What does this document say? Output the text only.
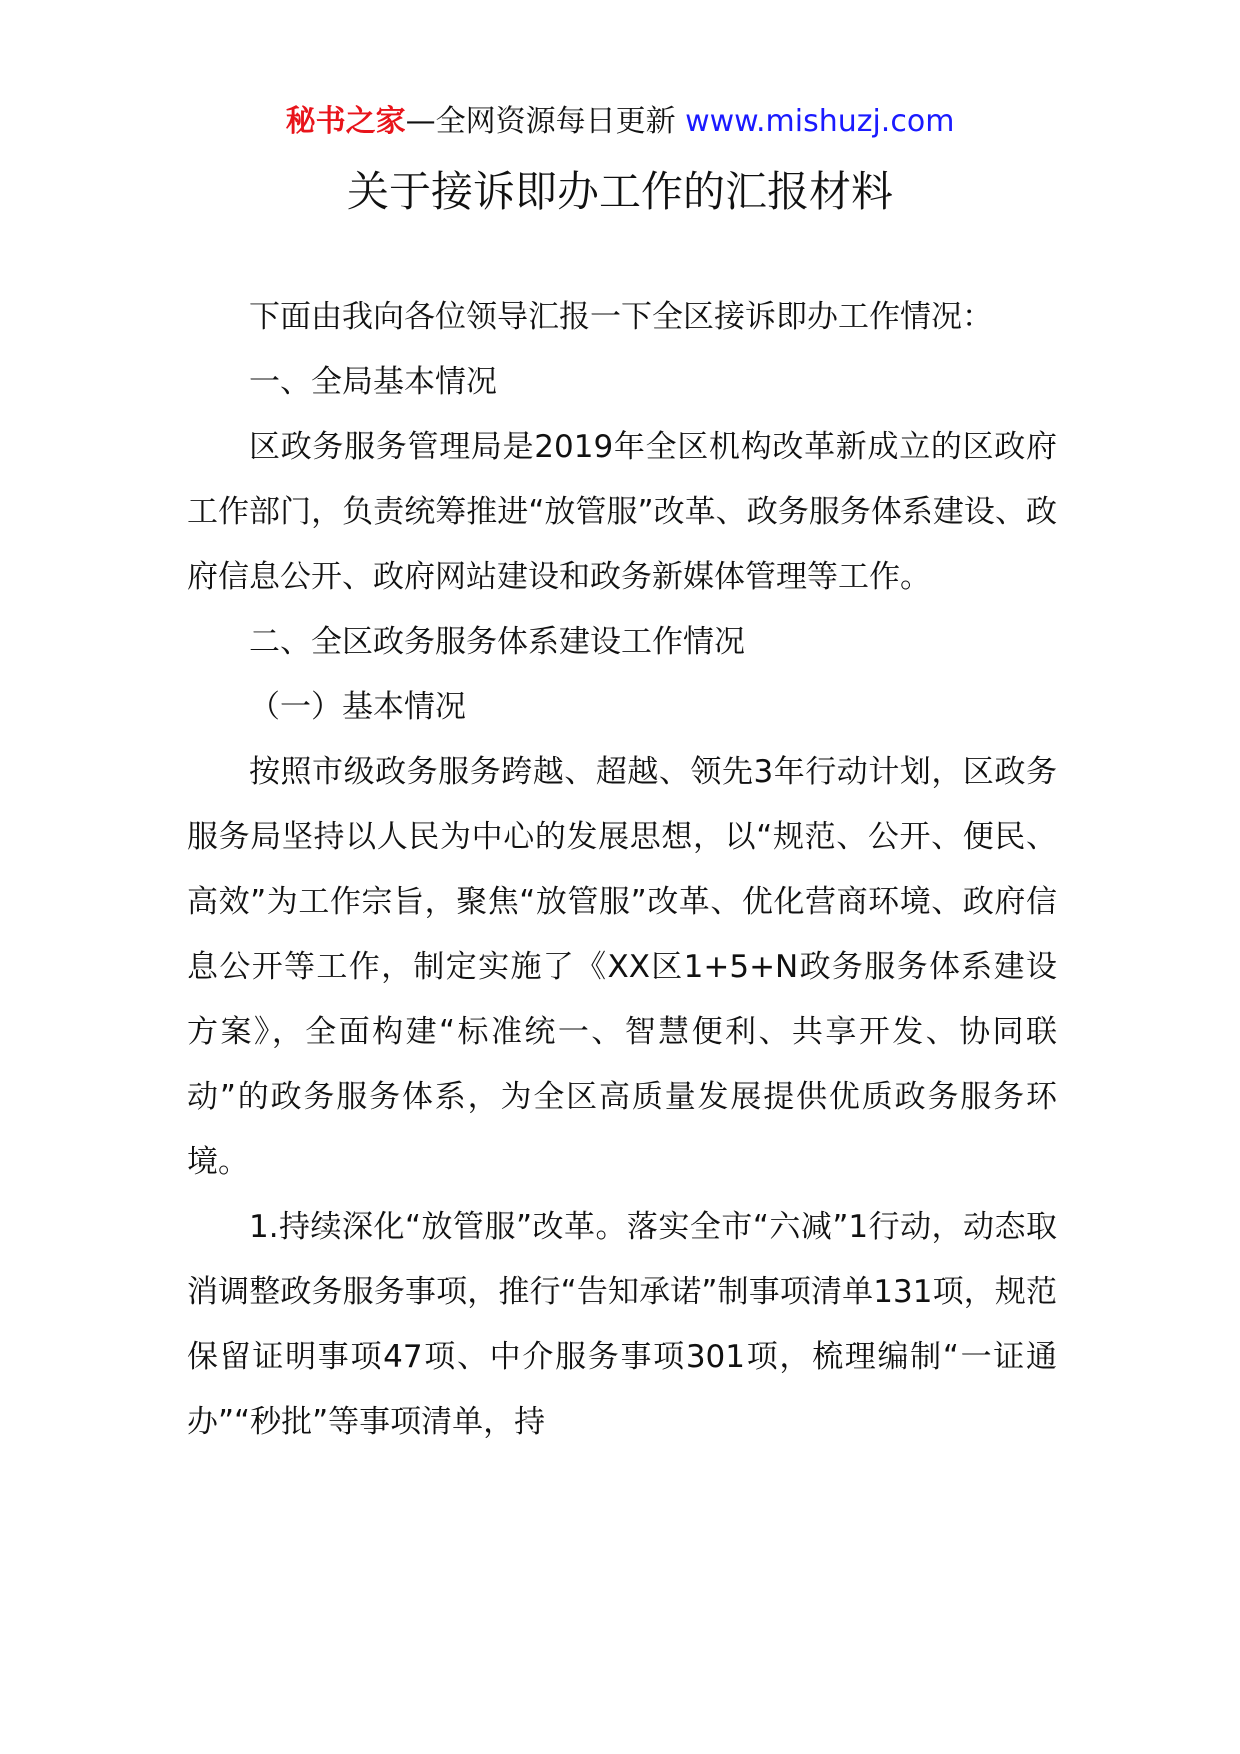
秘书之家—全网资源每日更新 www.mishuzj.com
关于接诉即办工作的汇报材料

下面由我向各位领导汇报一下全区接诉即办工作情况：

一、全局基本情况

区政务服务管理局是2019年全区机构改革新成立的区政府工作部门，负责统筹推进“放管服”改革、政务服务体系建设、政府信息公开、政府网站建设和政务新媒体管理等工作。

二、全区政务服务体系建设工作情况

（一）基本情况

按照市级政务服务跨越、超越、领先3年行动计划，区政务服务局坚持以人民为中心的发展思想，以“规范、公开、便民、高效”为工作宗旨，聚焦“放管服”改革、优化营商环境、政府信息公开等工作，制定实施了《XX区1+5+N政务服务体系建设方案》，全面构建“标准统一、智慧便利、共享开发、协同联动”的政务服务体系，为全区高质量发展提供优质政务服务环境。

1.持续深化“放管服”改革。落实全市“六减”1行动，动态取消调整政务服务事项，推行“告知承诺”制事项清单131项，规范保留证明事项47项、中介服务事项301项，梳理编制“一证通办”“秒批”等事项清单，持
